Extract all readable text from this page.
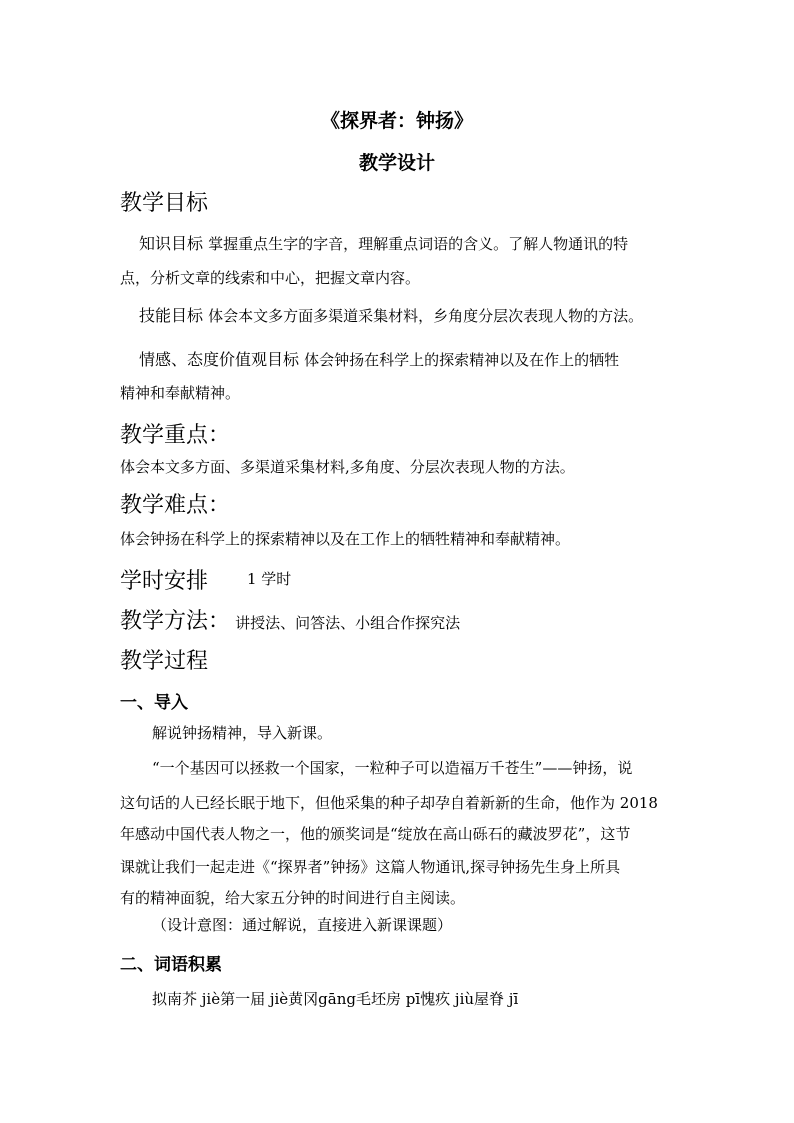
《探界者：钟扬》
教学设计
教学目标
知识目标 掌握重点生字的字音，理解重点词语的含义。了解人物通讯的特
点，分析文章的线索和中心，把握文章内容。
技能目标 体会本文多方面多渠道采集材料，乡角度分层次表现人物的方法。
情感、态度价值观目标 体会钟扬在科学上的探索精神以及在作上的牺牲
精神和奉献精神。
教学重点：
体会本文多方面、多渠道采集材料,多角度、分层次表现人物的方法。
教学难点：
体会钟扬在科学上的探索精神以及在工作上的牺牲精神和奉献精神。
学时安排	1 学时
教学方法： 讲授法、问答法、小组合作探究法
教学过程
一、导入
解说钟扬精神，导入新课。
“一个基因可以拯救一个国家，一粒种子可以造福万千苍生”——钟扬，说
这句话的人已经长眠于地下，但他采集的种子却孕自着新新的生命，他作为 2018
年感动中国代表人物之一，他的颁奖词是“绽放在高山砾石的藏波罗花”，这节
课就让我们一起走进《“探界者”钟扬》这篇人物通讯,探寻钟扬先生身上所具
有的精神面貌，给大家五分钟的时间进行自主阅读。
（设计意图：通过解说，直接进入新课课题）
二、词语积累
拟南芥 jiè第一届 jiè黄冈gāng毛坯房 pī愧疚 jiù屋脊 jī
